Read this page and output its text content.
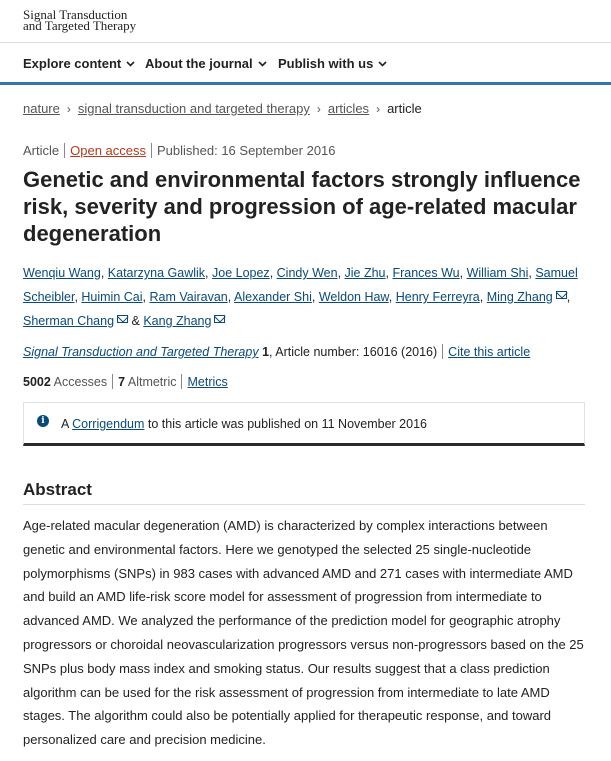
Signal Transduction
and Targeted Therapy
Explore content	About the journal	Publish with us
nature › signal transduction and targeted therapy › articles › article
Article Open access Published: 16 September 2016
Genetic and environmental factors strongly influence risk, severity and progression of age-related macular degeneration
Wenqiu Wang, Katarzyna Gawlik, Joe Lopez, Cindy Wen, Jie Zhu, Frances Wu, William Shi, Samuel Scheibler, Huimin Cai, Ram Vairavan, Alexander Shi, Weldon Haw, Henry Ferreyra, Ming Zhang , Sherman Chang & Kang Zhang
Signal Transduction and Targeted Therapy 1, Article number: 16016 (2016) Cite this article
5002 Accesses 7 Altmetric Metrics
i	A Corrigendum to this article was published on 11 November 2016
Abstract

Age-related macular degeneration (AMD) is characterized by complex interactions between genetic and environmental factors. Here we genotyped the selected 25 single-nucleotide polymorphisms (SNPs) in 983 cases with advanced AMD and 271 cases with intermediate AMD and build an AMD life-risk score model for assessment of progression from intermediate to advanced AMD. We analyzed the performance of the prediction model for geographic atrophy progressors or choroidal neovascularization progressors versus non-progressors based on the 25 SNPs plus body mass index and smoking status. Our results suggest that a class prediction algorithm can be used for the risk assessment of progression from intermediate to late AMD stages. The algorithm could also be potentially applied for therapeutic response, and toward personalized care and precision medicine.
